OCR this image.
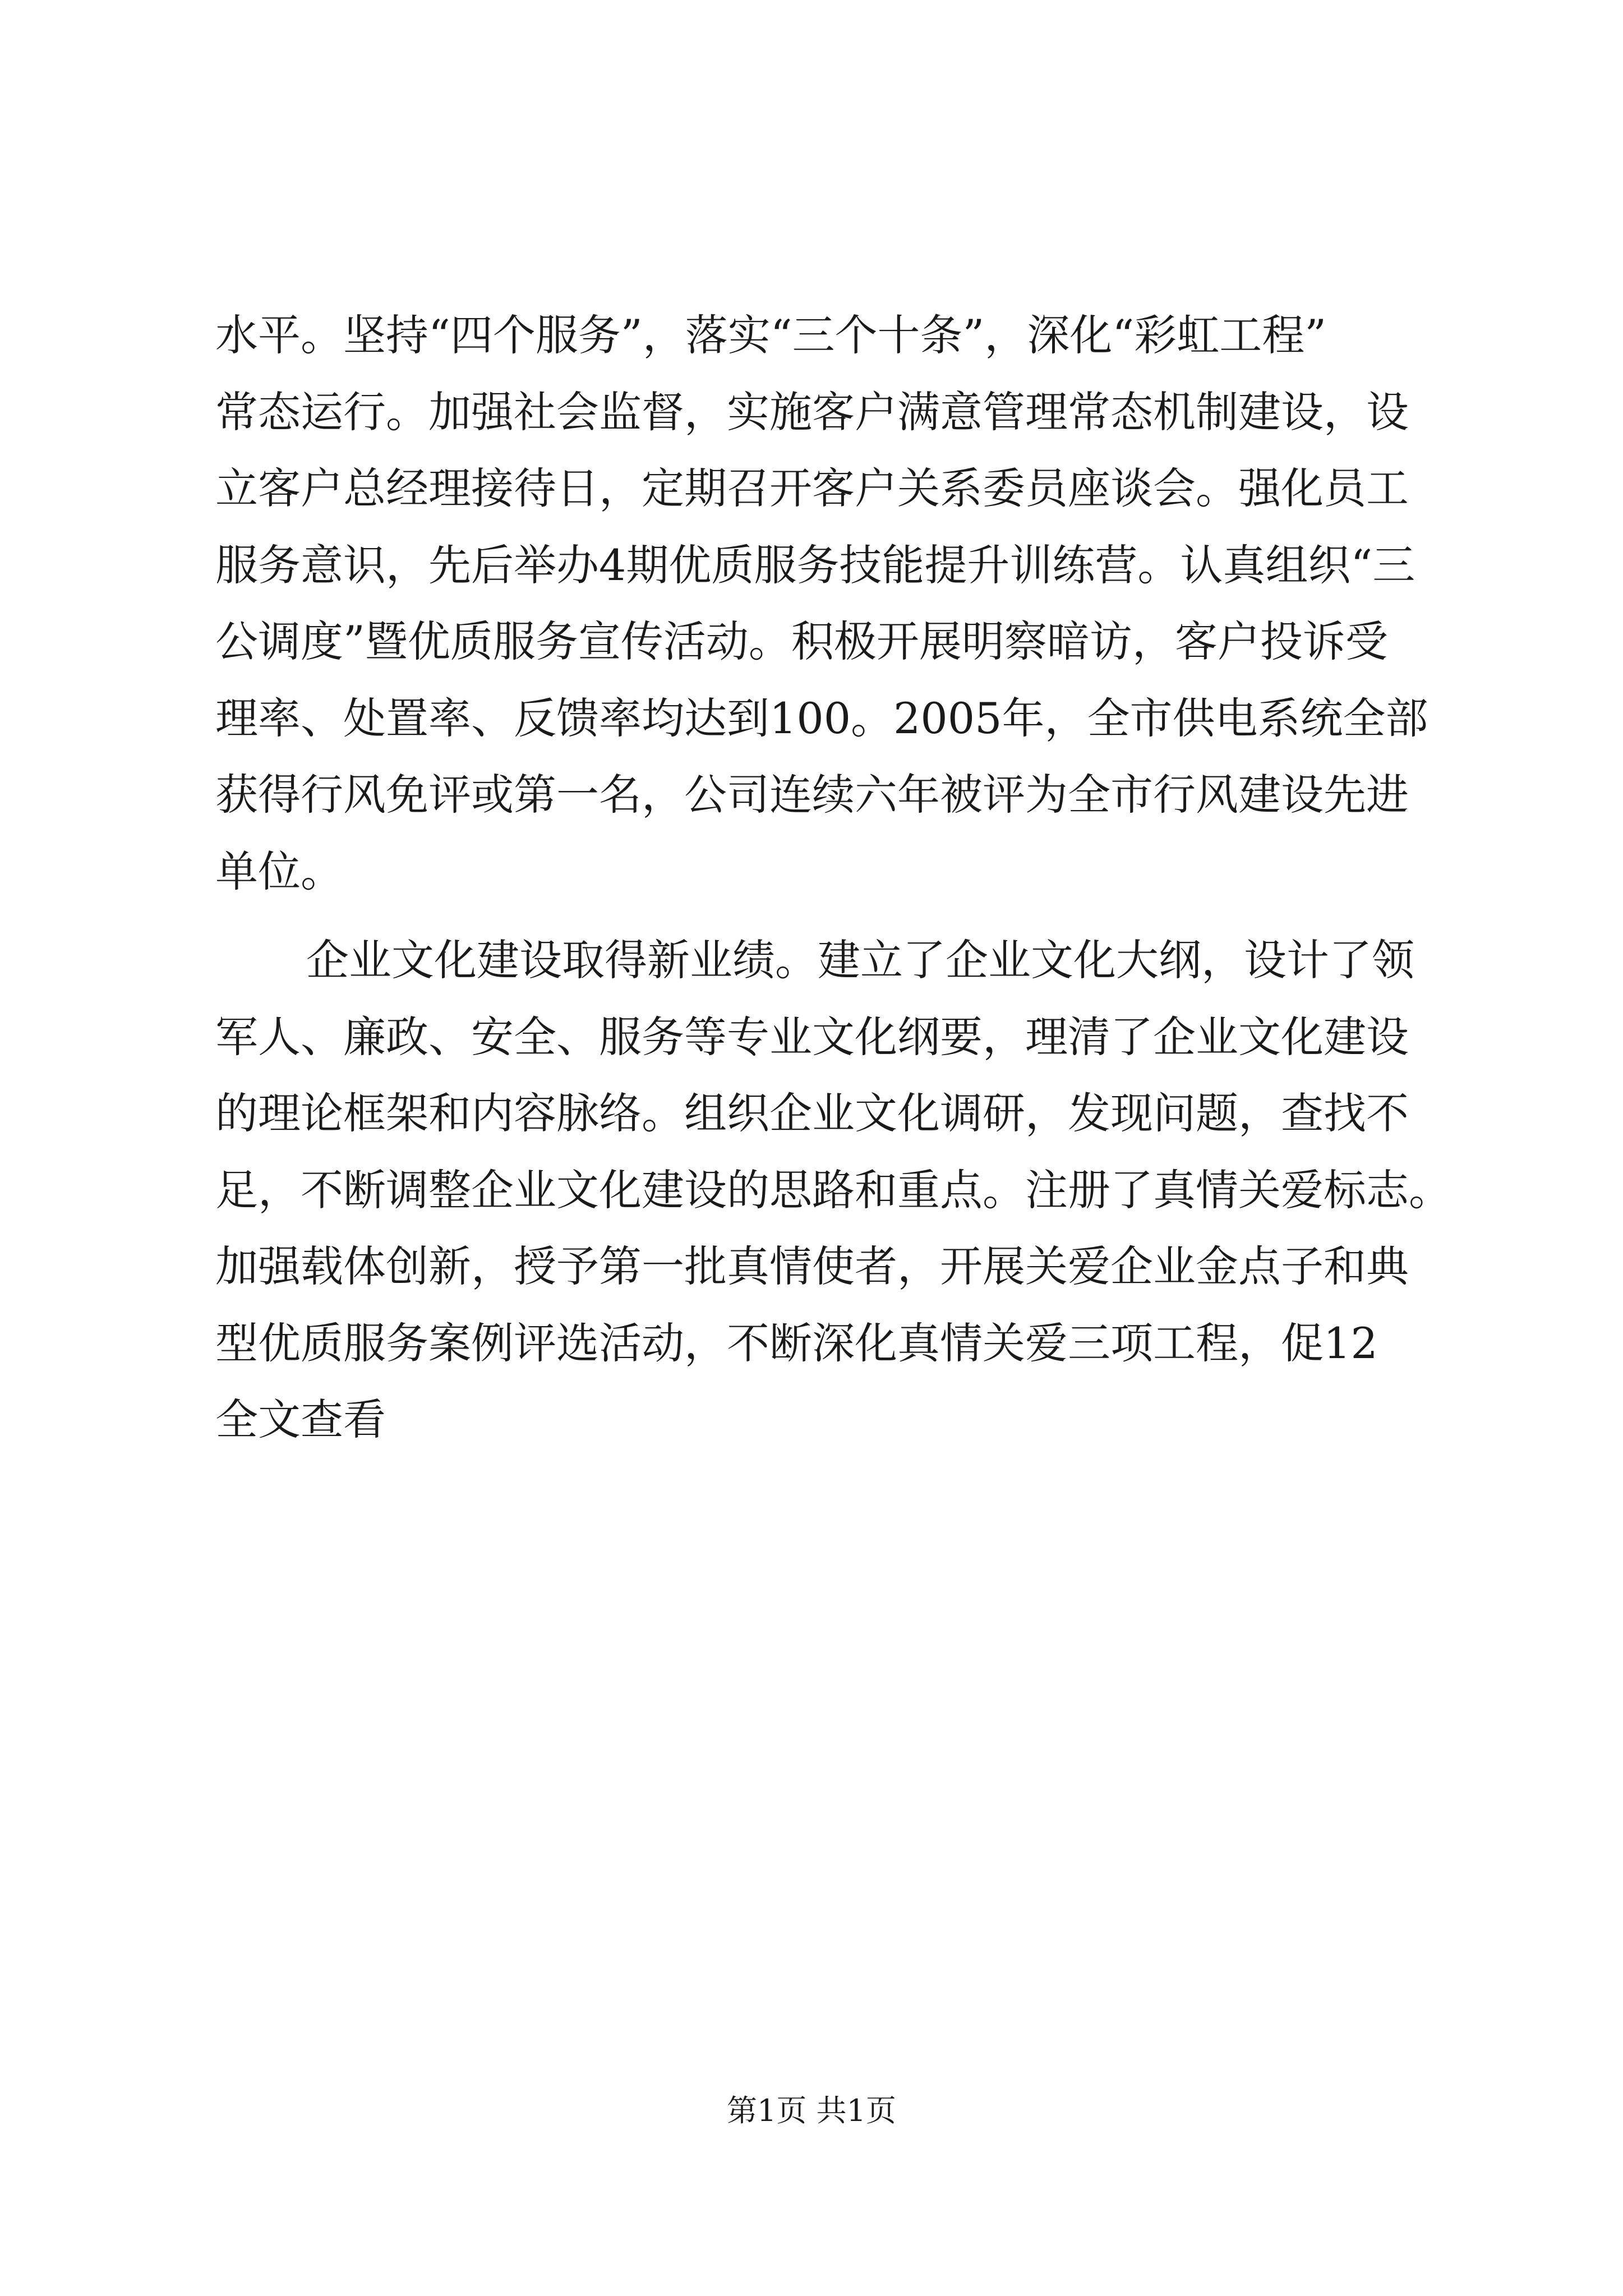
水平。坚持“四个服务”，落实“三个十条”，深化“彩虹工程”
常态运行。加强社会监督，实施客户满意管理常态机制建设，设
立客户总经理接待日，定期召开客户关系委员座谈会。强化员工
服务意识，先后举办4期优质服务技能提升训练营。认真组织“三
公调度”暨优质服务宣传活动。积极开展明察暗访，客户投诉受
理率、处置率、反馈率均达到100。2005年，全市供电系统全部
获得行风免评或第一名，公司连续六年被评为全市行风建设先进
单位。
企业文化建设取得新业绩。建立了企业文化大纲，设计了领
军人、廉政、安全、服务等专业文化纲要，理清了企业文化建设
的理论框架和内容脉络。组织企业文化调研，发现问题，查找不
足，不断调整企业文化建设的思路和重点。注册了真情关爱标志。
加强载体创新，授予第一批真情使者，开展关爱企业金点子和典
型优质服务案例评选活动，不断深化真情关爱三项工程，促12
全文查看
第1页 共1页
